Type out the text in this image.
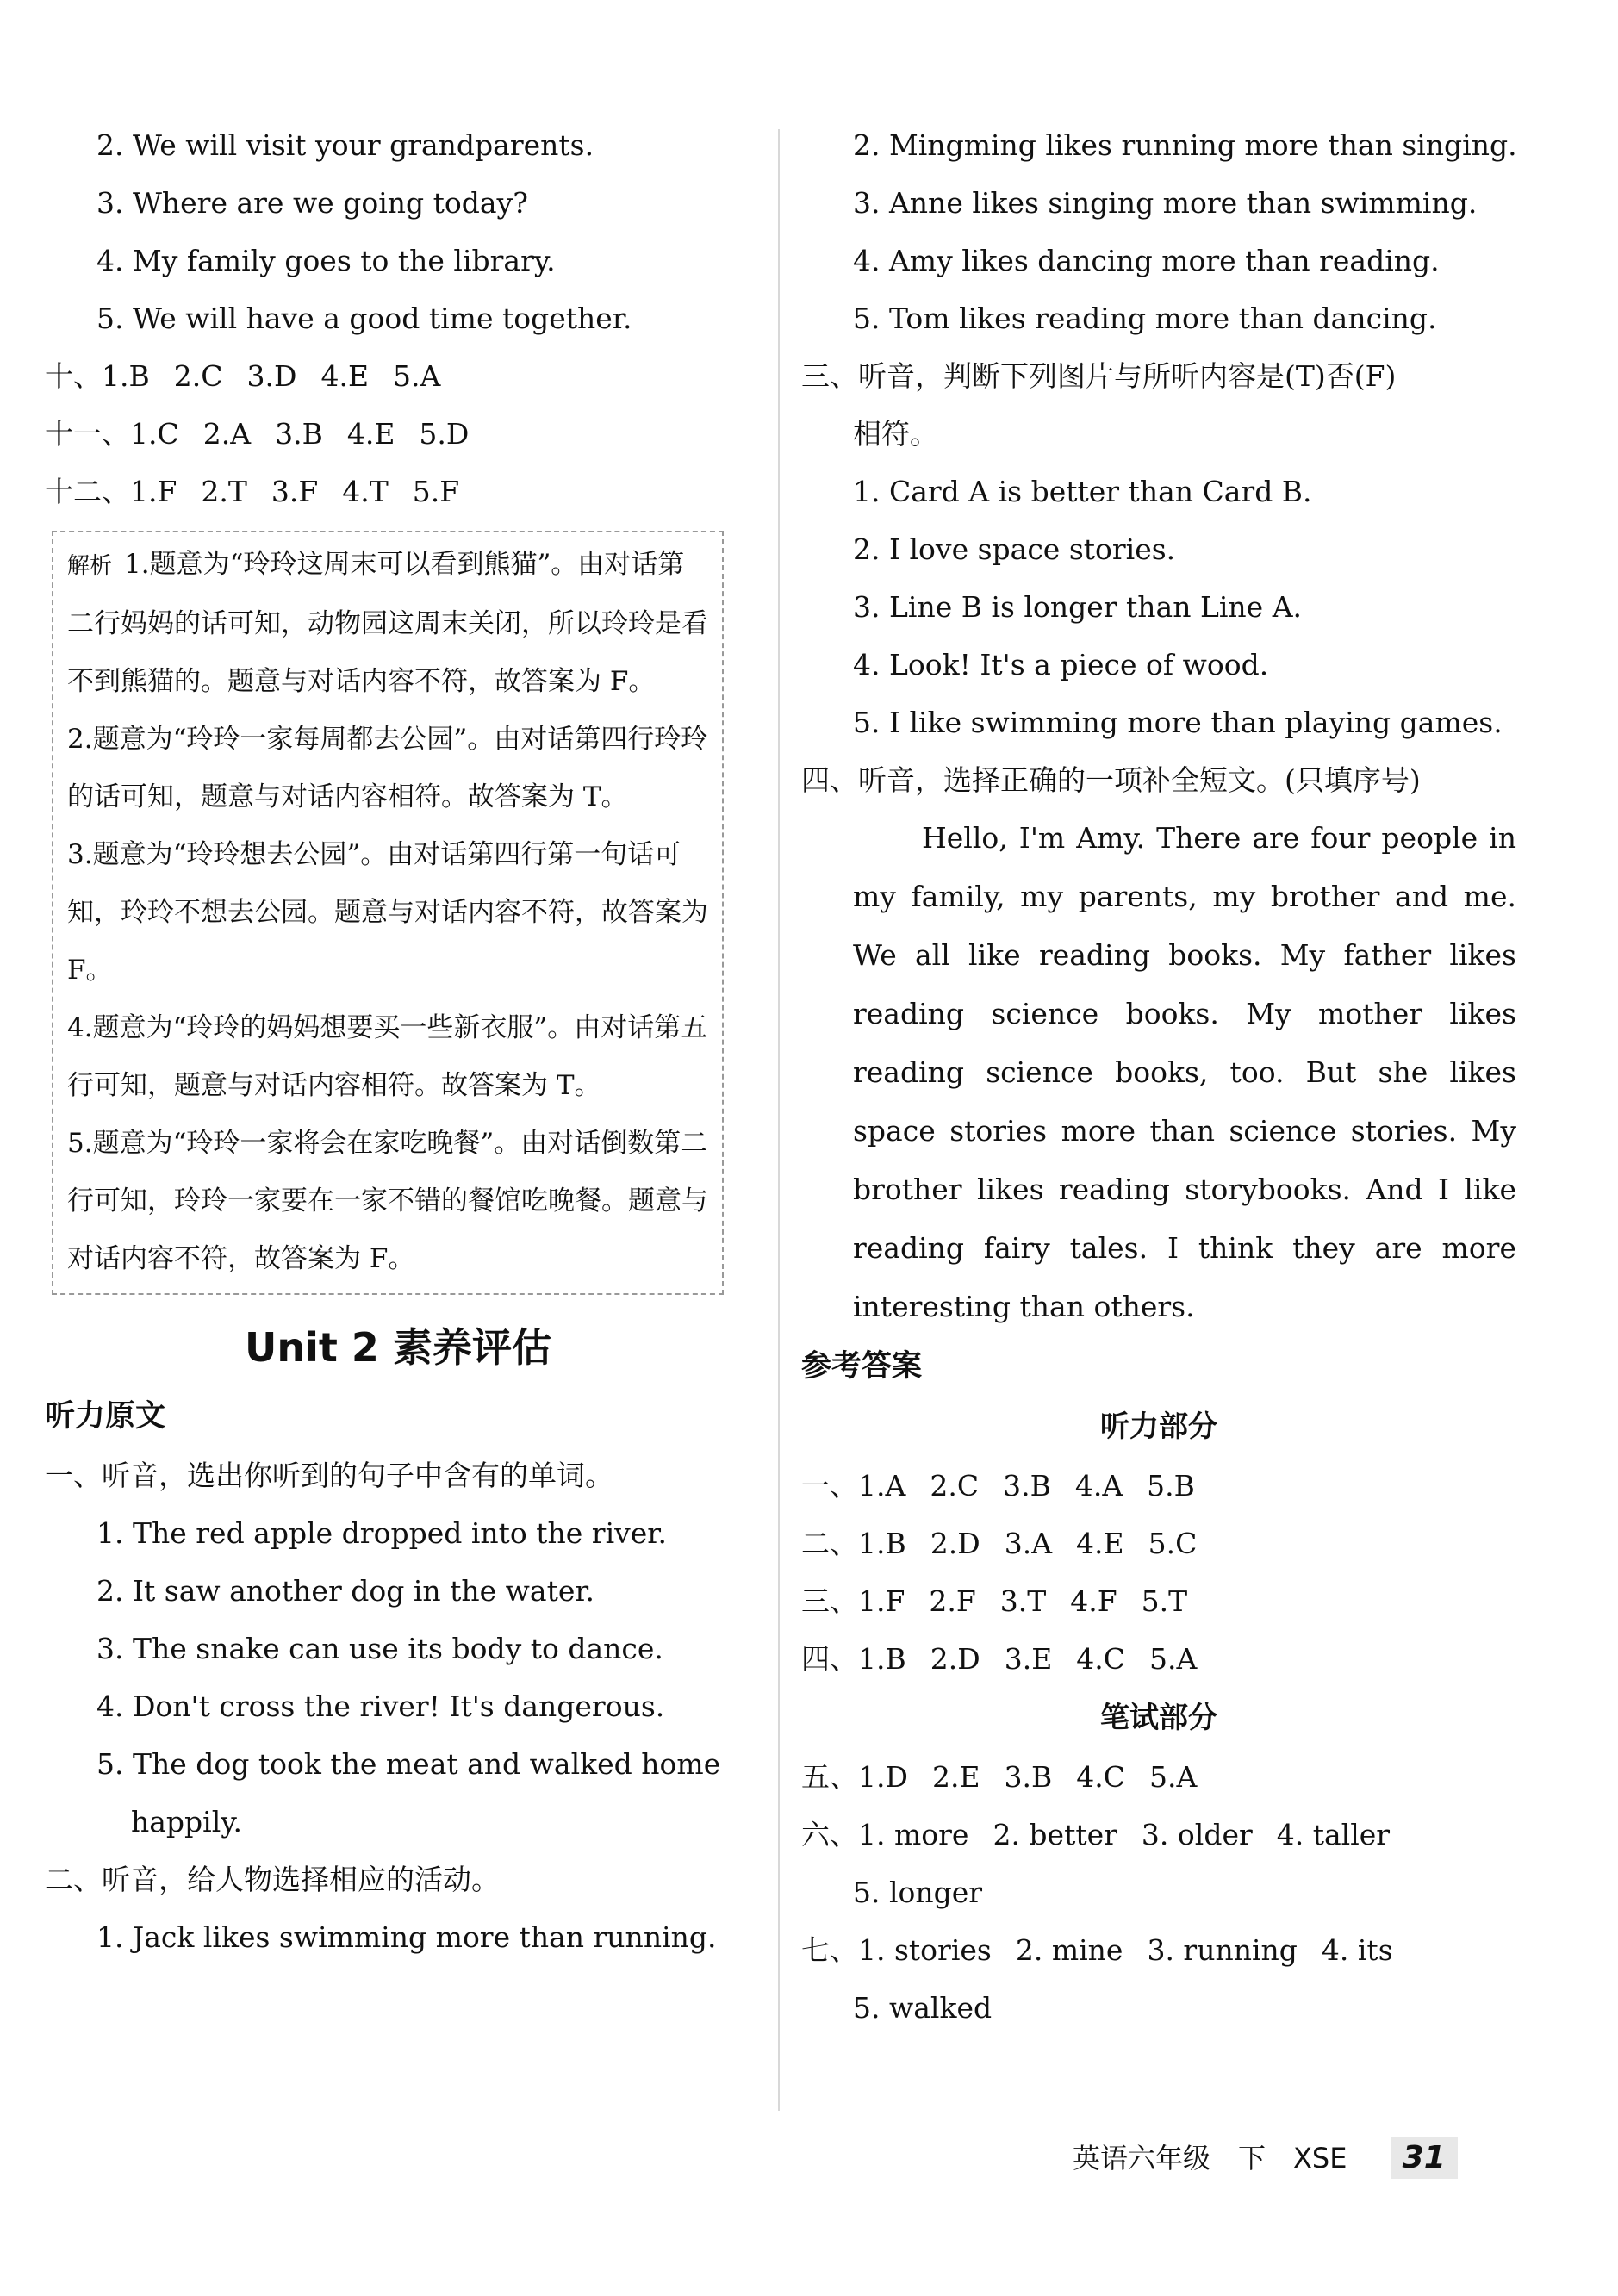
2. We will visit your grandparents.
3. Where are we going today?
4. My family goes to the library.
5. We will have a good time together.
十、1.B 2.C 3.D 4.E 5.A
十一、1.C 2.A 3.B 4.E 5.D
十二、1.F 2.T 3.F 4.T 5.F
解析 1.题意为“玲玲这周末可以看到熊猫”。由对话第二行妈妈的话可知，动物园这周末关闭，所以玲玲是看不到熊猫的。题意与对话内容不符，故答案为 F。
2.题意为“玲玲一家每周都去公园”。由对话第四行玲玲的话可知，题意与对话内容相符。故答案为 T。
3.题意为“玲玲想去公园”。由对话第四行第一句话可知，玲玲不想去公园。题意与对话内容不符，故答案为 F。
4.题意为“玲玲的妈妈想要买一些新衣服”。由对话第五行可知，题意与对话内容相符。故答案为 T。
5.题意为“玲玲一家将会在家吃晚餐”。由对话倒数第二行可知，玲玲一家要在一家不错的餐馆吃晚餐。题意与对话内容不符，故答案为 F。
Unit 2 素养评估
听力原文
一、听音，选出你听到的句子中含有的单词。
1. The red apple dropped into the river.
2. It saw another dog in the water.
3. The snake can use its body to dance.
4. Don't cross the river! It's dangerous.
5. The dog took the meat and walked home
happily.
二、听音，给人物选择相应的活动。
1. Jack likes swimming more than running.
2. Mingming likes running more than singing.
3. Anne likes singing more than swimming.
4. Amy likes dancing more than reading.
5. Tom likes reading more than dancing.
三、听音，判断下列图片与所听内容是(T)否(F)
相符。
1. Card A is better than Card B.
2. I love space stories.
3. Line B is longer than Line A.
4. Look! It's a piece of wood.
5. I like swimming more than playing games.
四、听音，选择正确的一项补全短文。(只填序号)
Hello, I'm Amy. There are four people in my family, my parents, my brother and me. We all like reading books. My father likes reading science books. My mother likes reading science books, too. But she likes space stories more than science stories. My brother likes reading storybooks. And I like reading fairy tales. I think they are more interesting than others.
参考答案
听力部分
一、1.A 2.C 3.B 4.A 5.B
二、1.B 2.D 3.A 4.E 5.C
三、1.F 2.F 3.T 4.F 5.T
四、1.B 2.D 3.E 4.C 5.A
笔试部分
五、1.D 2.E 3.B 4.C 5.A
六、1. more 2. better 3. older 4. taller
5. longer
七、1. stories 2. mine 3. running 4. its
5. walked
英语六年级　下　XSE 31
